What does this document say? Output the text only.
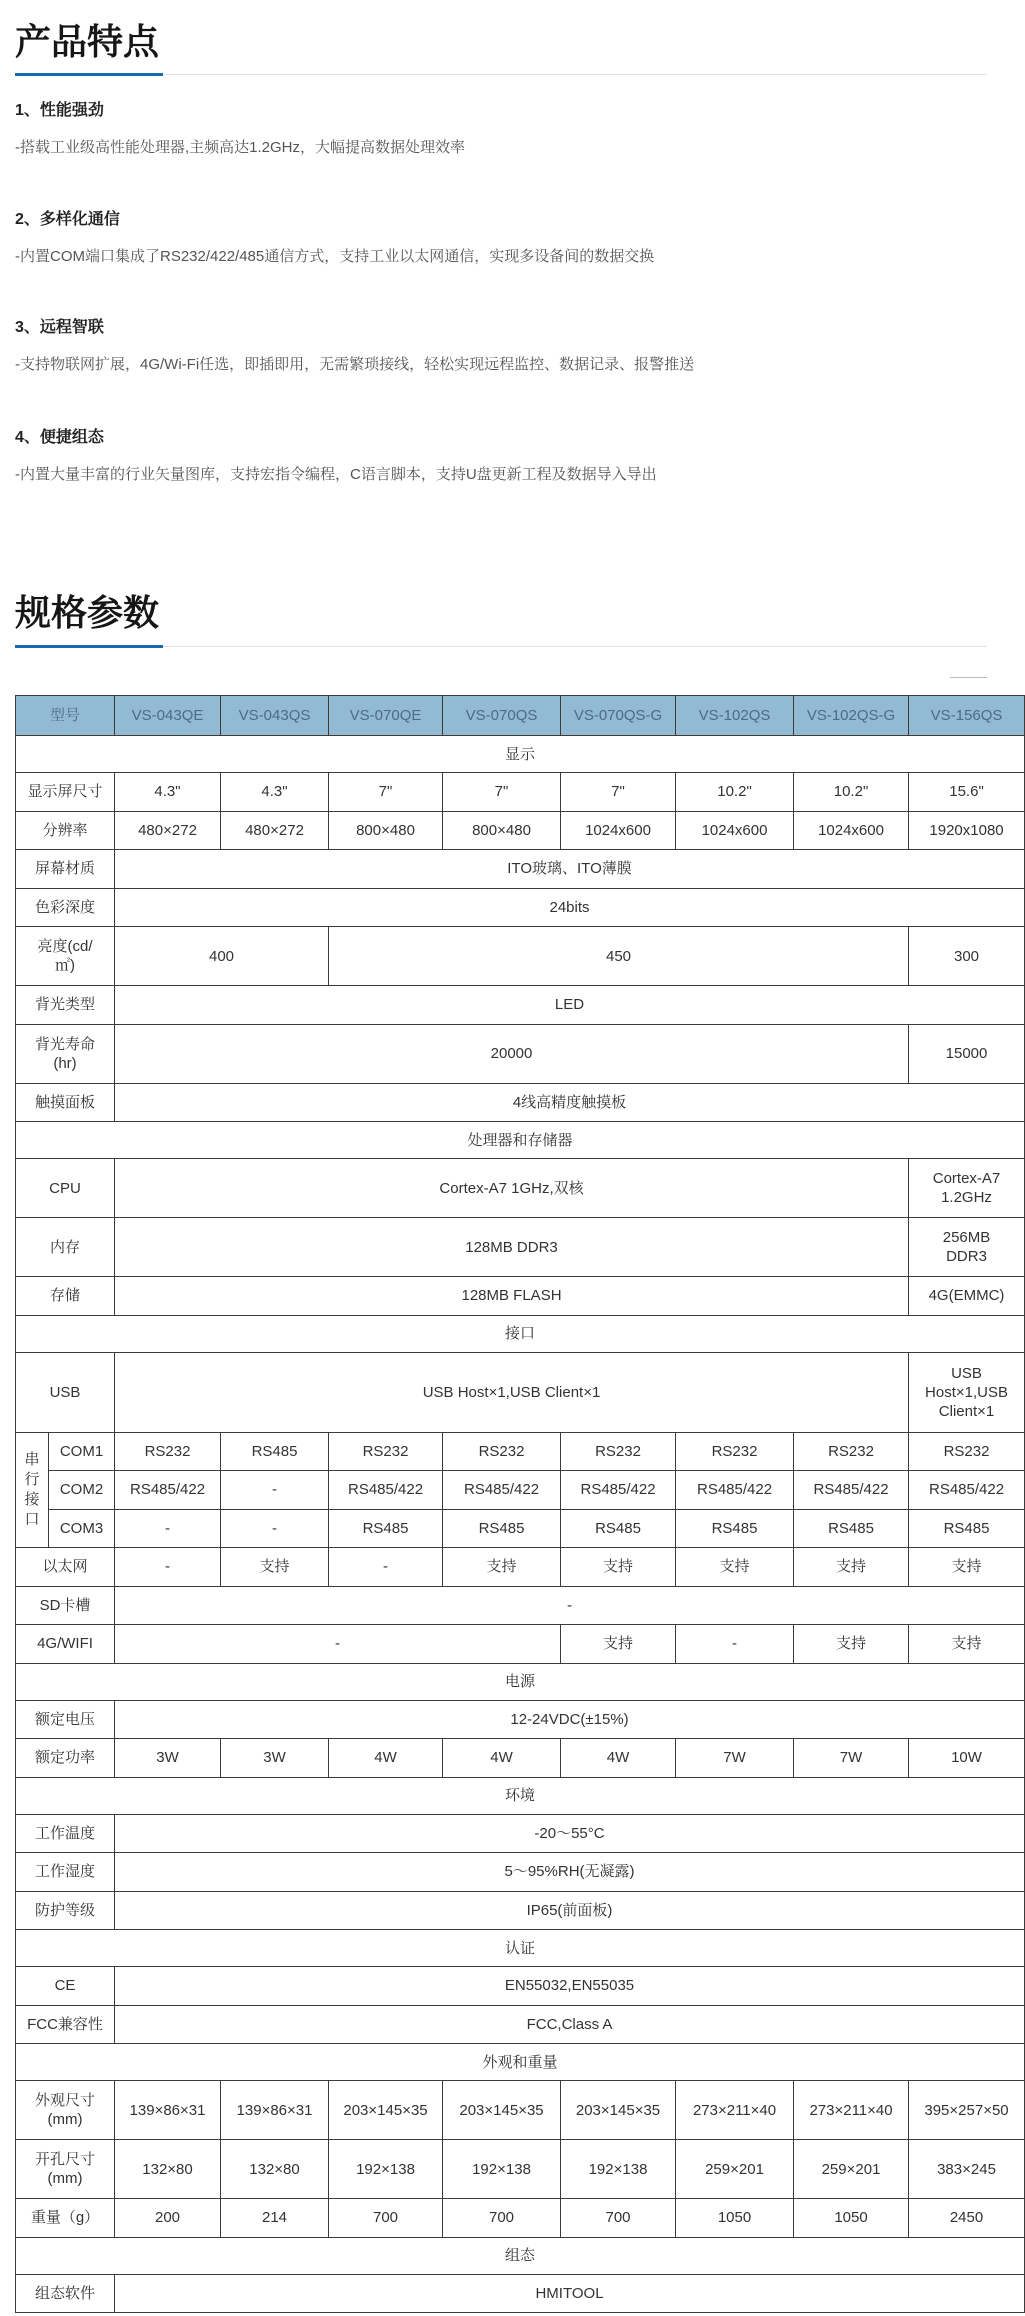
产品特点
1、性能强劲
-搭载工业级高性能处理器,主频高达1.2GHz，大幅提高数据处理效率
2、多样化通信
-内置COM端口集成了RS232/422/485通信方式，支持工业以太网通信，实现多设备间的数据交换
3、远程智联
-支持物联网扩展，4G/Wi-Fi任选，即插即用，无需繁琐接线，轻松实现远程监控、数据记录、报警推送
4、便捷组态
-内置大量丰富的行业矢量图库，支持宏指令编程，C语言脚本，支持U盘更新工程及数据导入导出
规格参数
型号		VS-043QE	VS-043QS	VS-070QE	VS-070QS	VS-070QS-G	VS-102QS	VS-102QS-G	VS-156QS
显示									
显示屏尺寸		4.3"	4.3"	7"	7"	7"	10.2"	10.2"	15.6"
分辨率		480×272	480×272	800×480	800×480	1024x600	1024x600	1024x600	1920x1080
屏幕材质		ITO玻璃、ITO薄膜							
色彩深度		24bits							
亮度(cd/
㎡)		400		450					300
背光类型		LED							
背光寿命
(hr)		20000							15000
触摸面板		4线高精度触摸板							
处理器和存储器									
CPU		Cortex-A7 1GHz,双核							Cortex-A7
1.2GHz
内存		128MB DDR3							256MB
DDR3
存储		128MB FLASH							4G(EMMC)
接口									
USB		USB Host×1,USB Client×1							USB
Host×1,USB
Client×1
串
行
接
口	COM1	RS232	RS485	RS232	RS232	RS232	RS232	RS232	RS232
	COM2	RS485/422	-	RS485/422	RS485/422	RS485/422	RS485/422	RS485/422	RS485/422
	COM3	-	-	RS485	RS485	RS485	RS485	RS485	RS485
以太网		-	支持	-	支持	支持	支持	支持	支持
SD卡槽		-							
4G/WIFI		-				支持	-	支持	支持
电源									
额定电压		12-24VDC(±15%)							
额定功率		3W	3W	4W	4W	4W	7W	7W	10W
环境									
工作温度		-20～55°C							
工作湿度		5～95%RH(无凝露)							
防护等级		IP65(前面板)							
认证									
CE		EN55032,EN55035							
FCC兼容性		FCC,Class A							
外观和重量									
外观尺寸
(mm)		139×86×31	139×86×31	203×145×35	203×145×35	203×145×35	273×211×40	273×211×40	395×257×50
开孔尺寸
(mm)		132×80	132×80	192×138	192×138	192×138	259×201	259×201	383×245
重量（g）		200	214	700	700	700	1050	1050	2450
组态									
组态软件		HMITOOL							
